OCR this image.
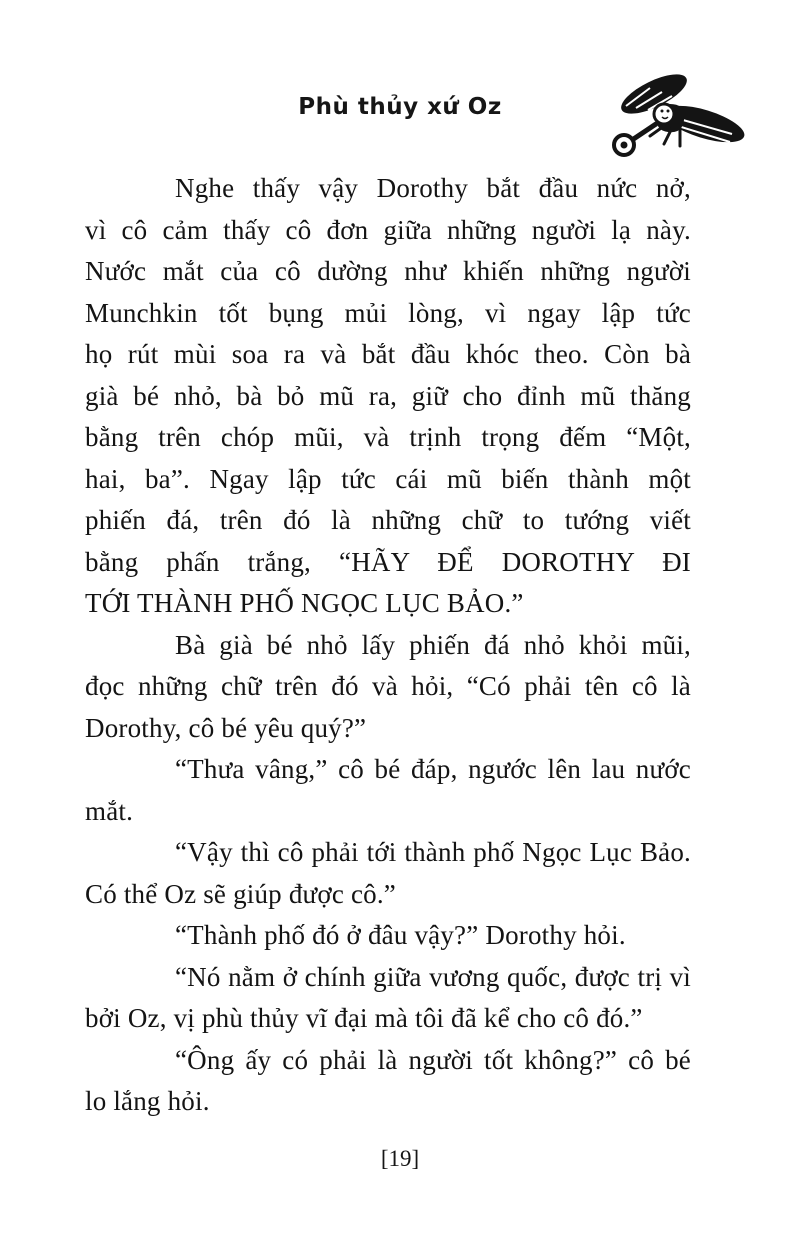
Phù thủy xứ Oz
Nghe thấy vậy Dorothy bắt đầu nức nở,
vì cô cảm thấy cô đơn giữa những người lạ này.
Nước mắt của cô dường như khiến những người
Munchkin tốt bụng mủi lòng, vì ngay lập tức
họ rút mùi soa ra và bắt đầu khóc theo. Còn bà
già bé nhỏ, bà bỏ mũ ra, giữ cho đỉnh mũ thăng
bằng trên chóp mũi, và trịnh trọng đếm “Một,
hai, ba”. Ngay lập tức cái mũ biến thành một
phiến đá, trên đó là những chữ to tướng viết
bằng phấn trắng, “HÃY ĐỂ DOROTHY ĐI
TỚI THÀNH PHỐ NGỌC LỤC BẢO.”
Bà già bé nhỏ lấy phiến đá nhỏ khỏi mũi,
đọc những chữ trên đó và hỏi, “Có phải tên cô là
Dorothy, cô bé yêu quý?”
“Thưa vâng,” cô bé đáp, ngước lên lau nước
mắt.
“Vậy thì cô phải tới thành phố Ngọc Lục Bảo.
Có thể Oz sẽ giúp được cô.”
“Thành phố đó ở đâu vậy?” Dorothy hỏi.
“Nó nằm ở chính giữa vương quốc, được trị vì
bởi Oz, vị phù thủy vĩ đại mà tôi đã kể cho cô đó.”
“Ông ấy có phải là người tốt không?” cô bé
lo lắng hỏi.
[19]
